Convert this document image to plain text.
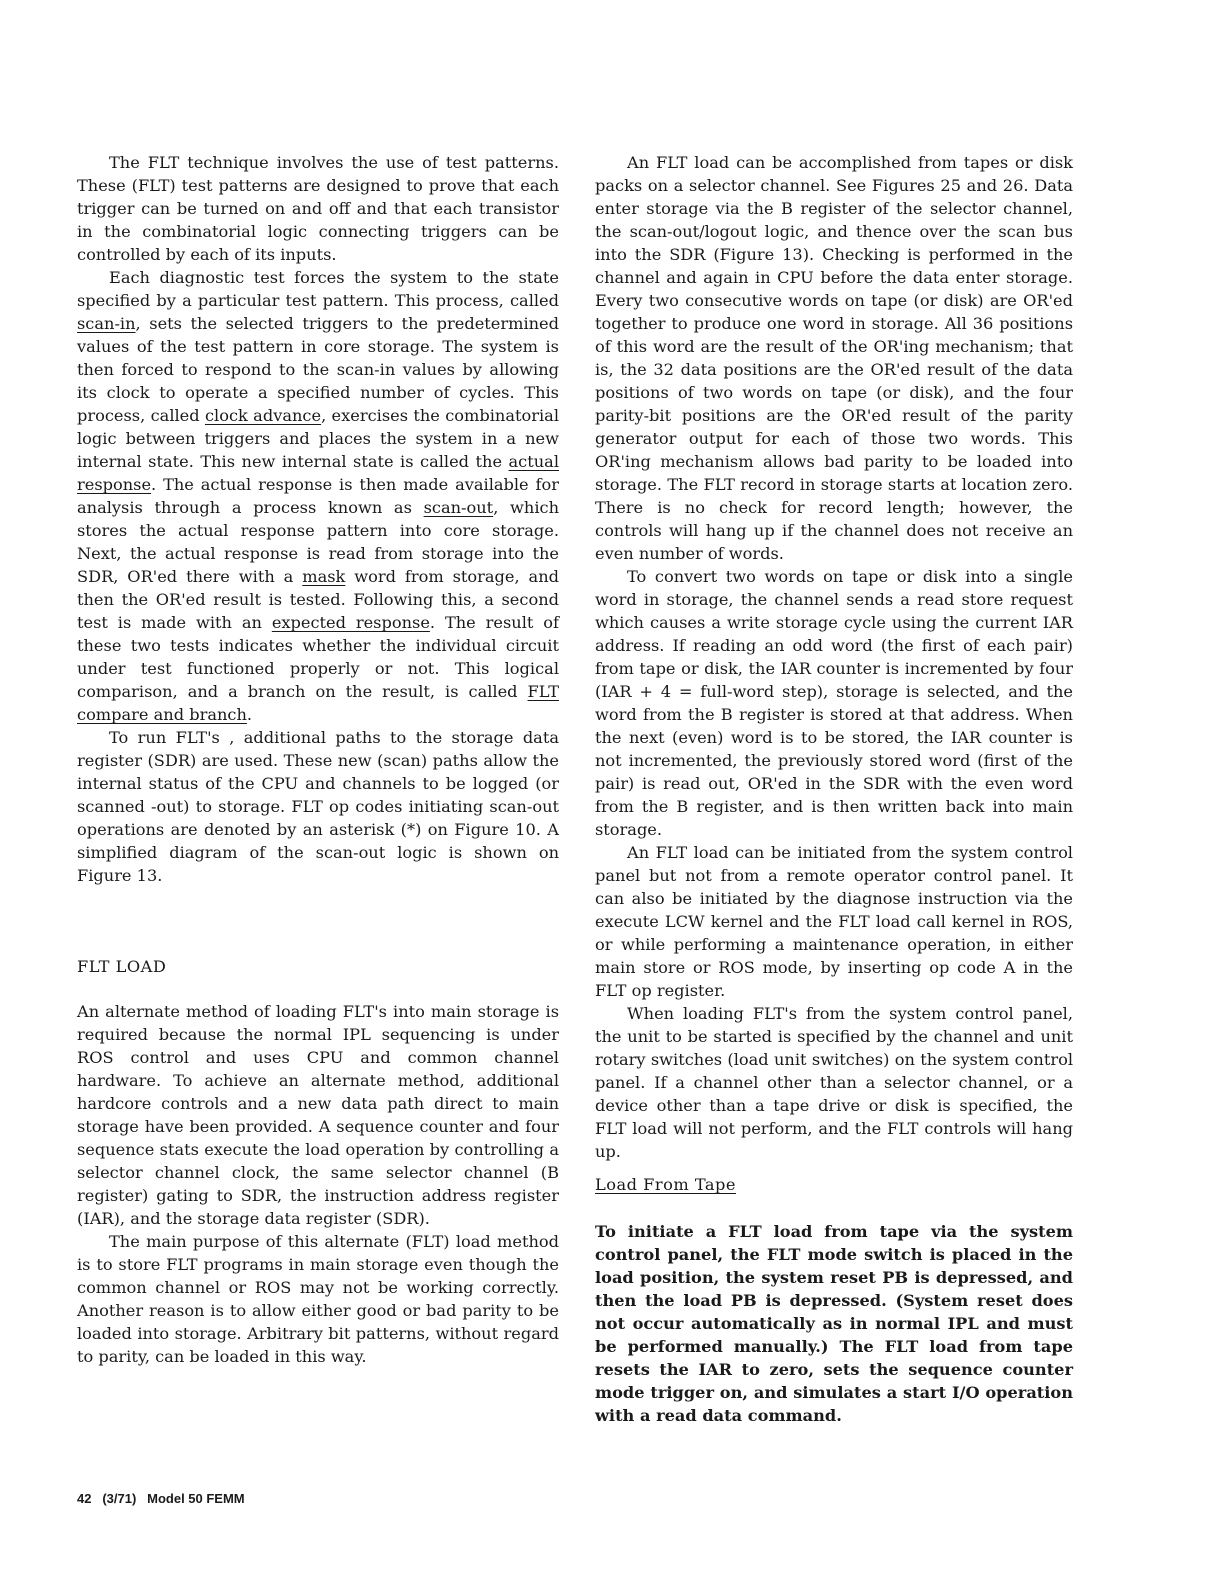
The FLT technique involves the use of test patterns. These (FLT) test patterns are designed to prove that each trigger can be turned on and off and that each transistor in the combinatorial logic connecting triggers can be controlled by each of its inputs.

Each diagnostic test forces the system to the state specified by a particular test pattern. This process, called scan-in, sets the selected triggers to the predetermined values of the test pattern in core storage. The system is then forced to respond to the scan-in values by allowing its clock to operate a specified number of cycles. This process, called clock advance, exercises the combinatorial logic between triggers and places the system in a new internal state. This new internal state is called the actual response. The actual response is then made available for analysis through a process known as scan-out, which stores the actual response pattern into core storage. Next, the actual response is read from storage into the SDR, OR'ed there with a mask word from storage, and then the OR'ed result is tested. Following this, a second test is made with an expected response. The result of these two tests indicates whether the individual circuit under test functioned properly or not. This logical comparison, and a branch on the result, is called FLT compare and branch.

To run FLT's , additional paths to the storage data register (SDR) are used. These new (scan) paths allow the internal status of the CPU and channels to be logged (or scanned -out) to storage. FLT op codes initiating scan-out operations are denoted by an asterisk (*) on Figure 10. A simplified diagram of the scan-out logic is shown on Figure 13.

FLT LOAD

An alternate method of loading FLT's into main storage is required because the normal IPL sequencing is under ROS control and uses CPU and common channel hardware. To achieve an alternate method, additional hardcore controls and a new data path direct to main storage have been provided. A sequence counter and four sequence stats execute the load operation by controlling a selector channel clock, the same selector channel (B register) gating to SDR, the instruction address register (IAR), and the storage data register (SDR).

The main purpose of this alternate (FLT) load method is to store FLT programs in main storage even though the common channel or ROS may not be working correctly. Another reason is to allow either good or bad parity to be loaded into storage. Arbitrary bit patterns, without regard to parity, can be loaded in this way.

An FLT load can be accomplished from tapes or disk packs on a selector channel. See Figures 25 and 26. Data enter storage via the B register of the selector channel, the scan-out/logout logic, and thence over the scan bus into the SDR (Figure 13). Checking is performed in the channel and again in CPU before the data enter storage. Every two consecutive words on tape (or disk) are OR'ed together to produce one word in storage. All 36 positions of this word are the result of the OR'ing mechanism; that is, the 32 data positions are the OR'ed result of the data positions of two words on tape (or disk), and the four parity-bit positions are the OR'ed result of the parity generator output for each of those two words. This OR'ing mechanism allows bad parity to be loaded into storage. The FLT record in storage starts at location zero. There is no check for record length; however, the controls will hang up if the channel does not receive an even number of words.

To convert two words on tape or disk into a single word in storage, the channel sends a read store request which causes a write storage cycle using the current IAR address. If reading an odd word (the first of each pair) from tape or disk, the IAR counter is incremented by four (IAR + 4 = full-word step), storage is selected, and the word from the B register is stored at that address. When the next (even) word is to be stored, the IAR counter is not incremented, the previously stored word (first of the pair) is read out, OR'ed in the SDR with the even word from the B register, and is then written back into main storage.

An FLT load can be initiated from the system control panel but not from a remote operator control panel. It can also be initiated by the diagnose instruction via the execute LCW kernel and the FLT load call kernel in ROS, or while performing a maintenance operation, in either main store or ROS mode, by inserting op code A in the FLT op register.

When loading FLT's from the system control panel, the unit to be started is specified by the channel and unit rotary switches (load unit switches) on the system control panel. If a channel other than a selector channel, or a device other than a tape drive or disk is specified, the FLT load will not perform, and the FLT controls will hang up.

Load From Tape

To initiate a FLT load from tape via the system control panel, the FLT mode switch is placed in the load position, the system reset PB is depressed, and then the load PB is depressed. (System reset does not occur automatically as in normal IPL and must be performed manually.) The FLT load from tape resets the IAR to zero, sets the sequence counter mode trigger on, and simulates a start I/O operation with a read data command.

42 (3/71) Model 50 FEMM
